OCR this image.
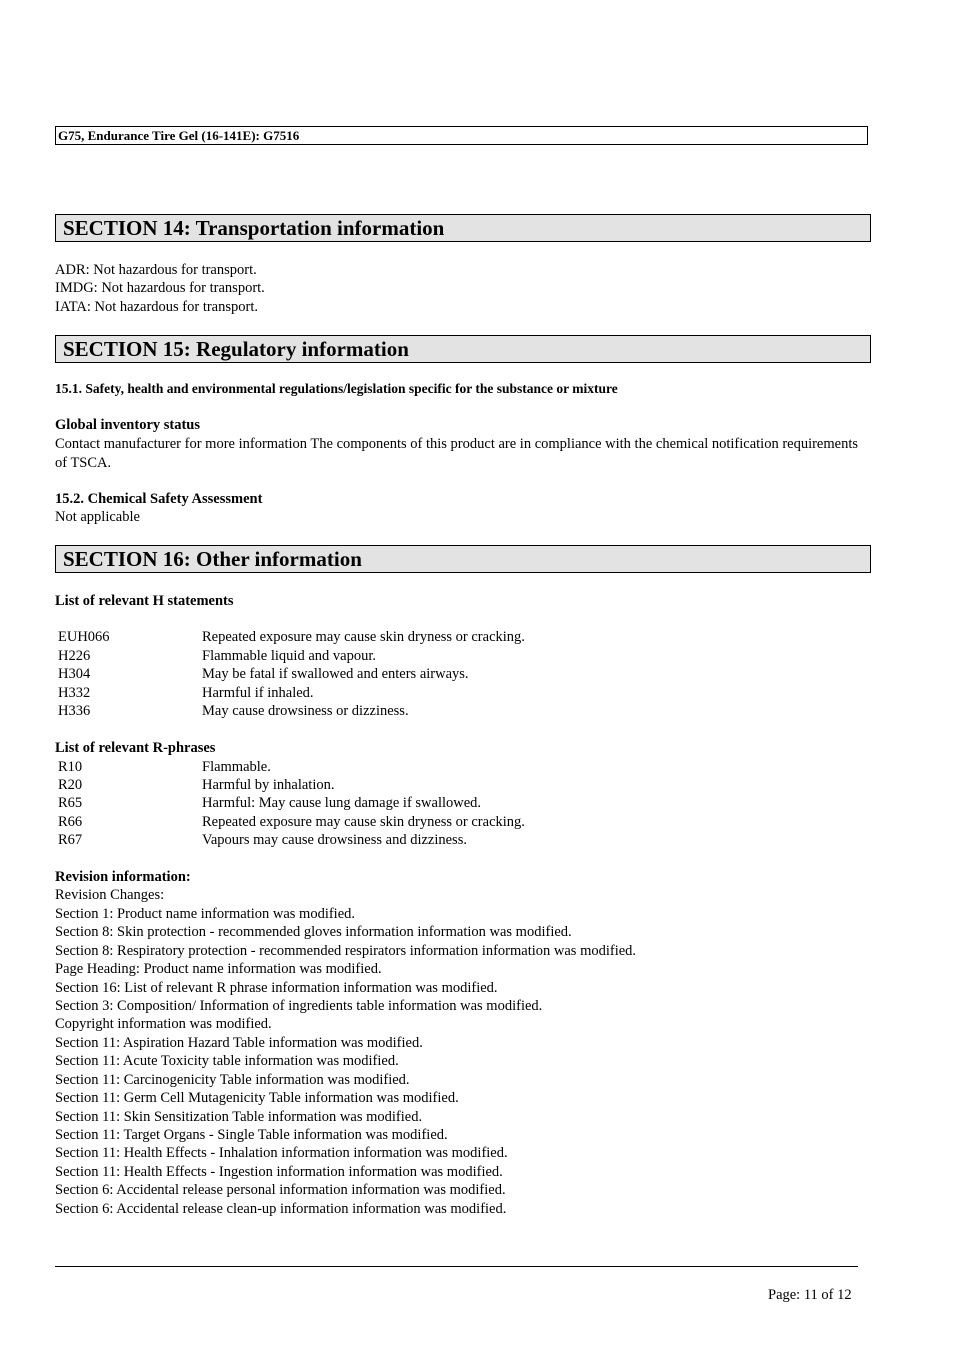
G75, Endurance Tire Gel (16-141E): G7516
SECTION 14: Transportation information
ADR: Not hazardous for transport.
IMDG: Not hazardous for transport.
IATA: Not hazardous for transport.
SECTION 15: Regulatory information
15.1. Safety, health and environmental regulations/legislation specific for the substance or mixture
Global inventory status
Contact manufacturer for more information The components of this product are in compliance with the chemical notification requirements of TSCA.
15.2. Chemical Safety Assessment
Not applicable
SECTION 16: Other information
List of relevant H statements
EUH066	Repeated exposure may cause skin dryness or cracking.
H226	Flammable liquid and vapour.
H304	May be fatal if swallowed and enters airways.
H332	Harmful if inhaled.
H336	May cause drowsiness or dizziness.
List of relevant R-phrases
R10	Flammable.
R20	Harmful by inhalation.
R65	Harmful: May cause lung damage if swallowed.
R66	Repeated exposure may cause skin dryness or cracking.
R67	Vapours may cause drowsiness and dizziness.
Revision information:
Revision Changes:
Section 1: Product name information was modified.
Section 8: Skin protection - recommended gloves information information was modified.
Section 8: Respiratory protection - recommended respirators information information was modified.
Page Heading: Product name information was modified.
Section 16: List of relevant R phrase information information was modified.
Section 3: Composition/ Information of ingredients table information was modified.
Copyright information was modified.
Section 11: Aspiration Hazard Table information was modified.
Section 11: Acute Toxicity table information was modified.
Section 11: Carcinogenicity Table information was modified.
Section 11: Germ Cell Mutagenicity Table information was modified.
Section 11: Skin Sensitization Table information was modified.
Section 11: Target Organs - Single Table information was modified.
Section 11: Health Effects - Inhalation information information was modified.
Section 11: Health Effects - Ingestion information information was modified.
Section 6: Accidental release personal information information was modified.
Section 6: Accidental release clean-up information information was modified.
Page: 11 of 12
